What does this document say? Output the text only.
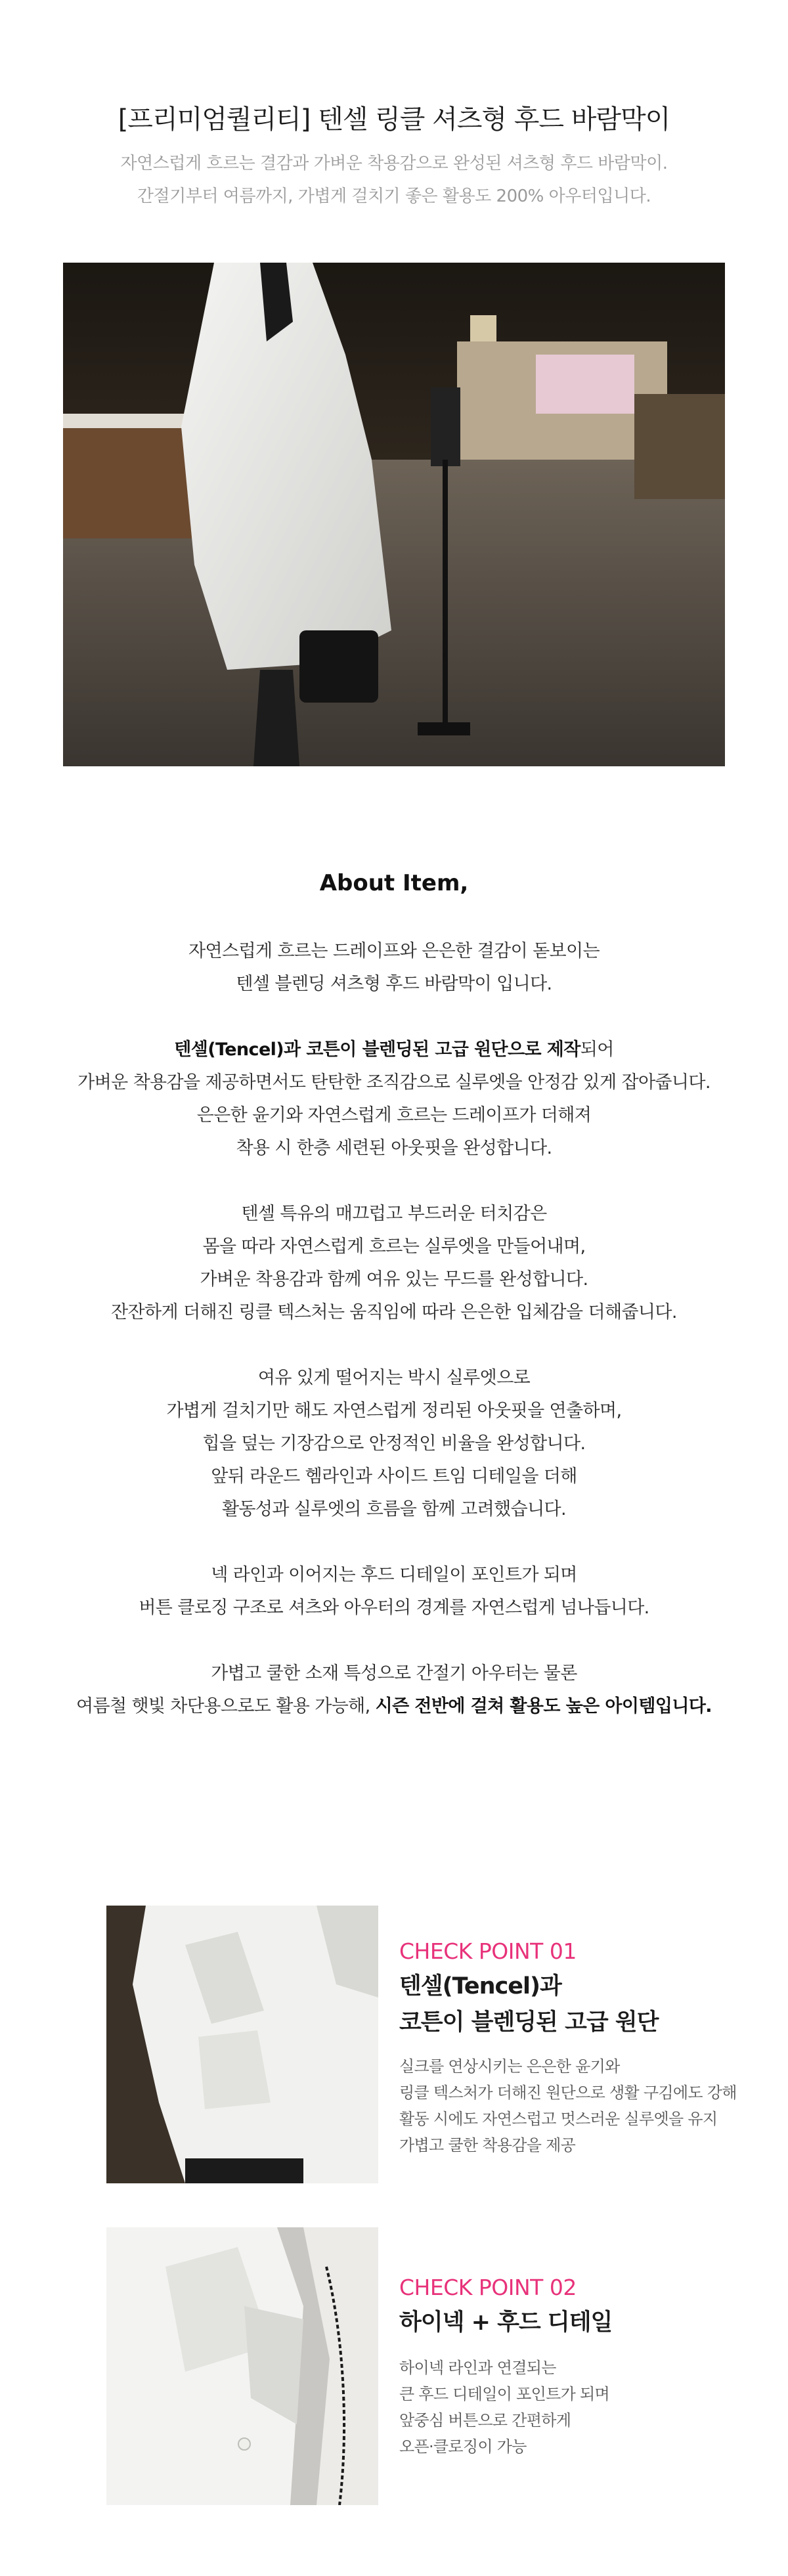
[프리미엄퀄리티] 텐셀 링클 셔츠형 후드 바람막이
자연스럽게 흐르는 결감과 가벼운 착용감으로 완성된 셔츠형 후드 바람막이.
간절기부터 여름까지, 가볍게 걸치기 좋은 활용도 200% 아우터입니다.
About Item,
자연스럽게 흐르는 드레이프와 은은한 결감이 돋보이는
텐셀 블렌딩 셔츠형 후드 바람막이 입니다.
텐셀(Tencel)과 코튼이 블렌딩된 고급 원단으로 제작되어
가벼운 착용감을 제공하면서도 탄탄한 조직감으로 실루엣을 안정감 있게 잡아줍니다.
은은한 윤기와 자연스럽게 흐르는 드레이프가 더해져
착용 시 한층 세련된 아웃핏을 완성합니다.
텐셀 특유의 매끄럽고 부드러운 터치감은
몸을 따라 자연스럽게 흐르는 실루엣을 만들어내며,
가벼운 착용감과 함께 여유 있는 무드를 완성합니다.
잔잔하게 더해진 링클 텍스처는 움직임에 따라 은은한 입체감을 더해줍니다.
여유 있게 떨어지는 박시 실루엣으로
가볍게 걸치기만 해도 자연스럽게 정리된 아웃핏을 연출하며,
힙을 덮는 기장감으로 안정적인 비율을 완성합니다.
앞뒤 라운드 헴라인과 사이드 트임 디테일을 더해
활동성과 실루엣의 흐름을 함께 고려했습니다.
넥 라인과 이어지는 후드 디테일이 포인트가 되며
버튼 클로징 구조로 셔츠와 아우터의 경계를 자연스럽게 넘나듭니다.
가볍고 쿨한 소재 특성으로 간절기 아우터는 물론
여름철 햇빛 차단용으로도 활용 가능해, 시즌 전반에 걸쳐 활용도 높은 아이템입니다.
CHECK POINT 01
텐셀(Tencel)과
코튼이 블렌딩된 고급 원단
실크를 연상시키는 은은한 윤기와
링클 텍스처가 더해진 원단으로 생활 구김에도 강해
활동 시에도 자연스럽고 멋스러운 실루엣을 유지
가볍고 쿨한 착용감을 제공
CHECK POINT 02
하이넥 + 후드 디테일
하이넥 라인과 연결되는
큰 후드 디테일이 포인트가 되며
앞중심 버튼으로 간편하게
오픈·클로징이 가능
